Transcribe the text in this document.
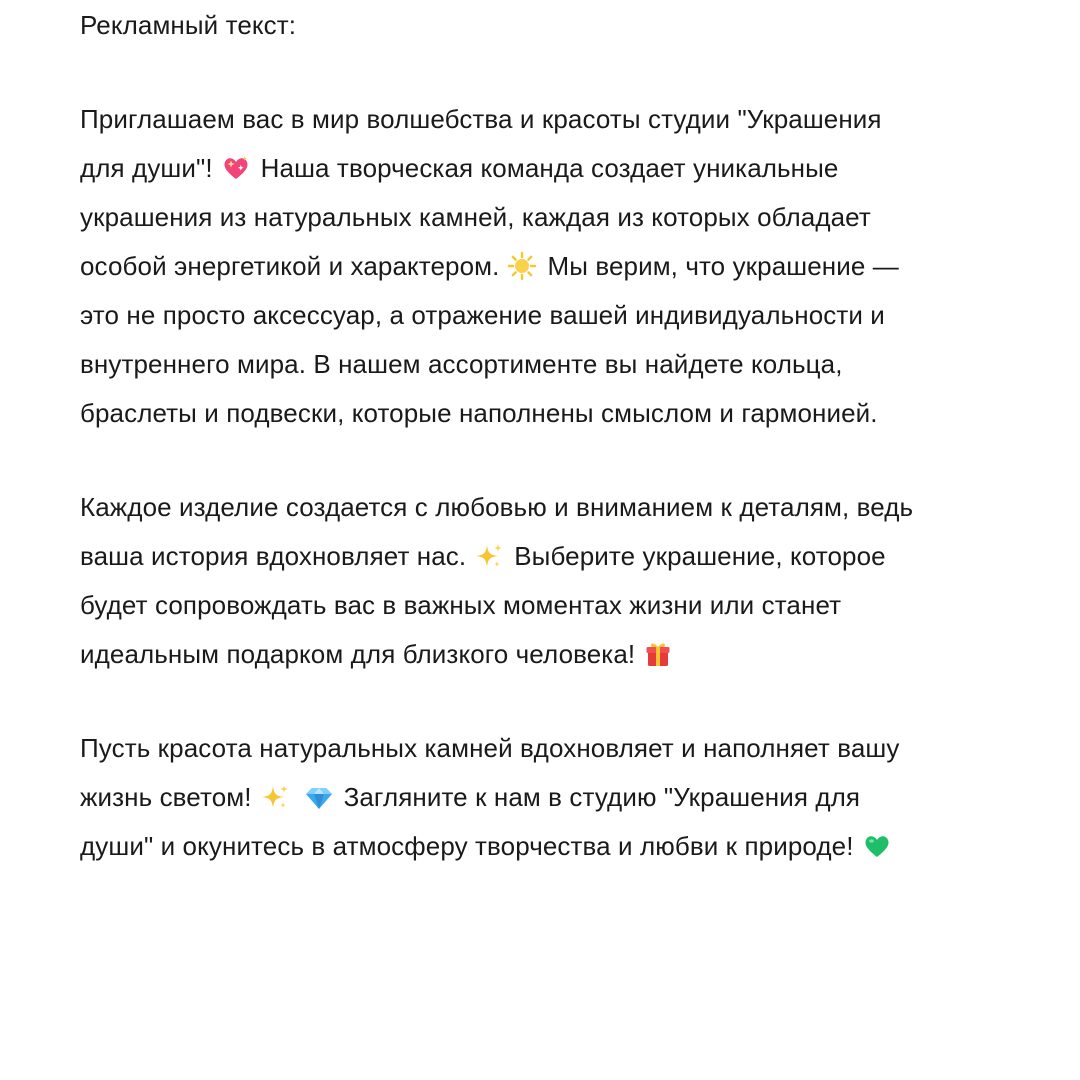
Рекламный текст:
Приглашаем вас в мир волшебства и красоты студии "Украшения
для души"! Наша творческая команда создает уникальные
украшения из натуральных камней, каждая из которых обладает
особой энергетикой и характером. Мы верим, что украшение —
это не просто аксессуар, а отражение вашей индивидуальности и
внутреннего мира. В нашем ассортименте вы найдете кольца,
браслеты и подвески, которые наполнены смыслом и гармонией.
Каждое изделие создается с любовью и вниманием к деталям, ведь
ваша история вдохновляет нас. Выберите украшение, которое
будет сопровождать вас в важных моментах жизни или станет
идеальным подарком для близкого человека!
Пусть красота натуральных камней вдохновляет и наполняет вашу
жизнь светом!	Загляните к нам в студию "Украшения для
души" и окунитесь в атмосферу творчества и любви к природе!
